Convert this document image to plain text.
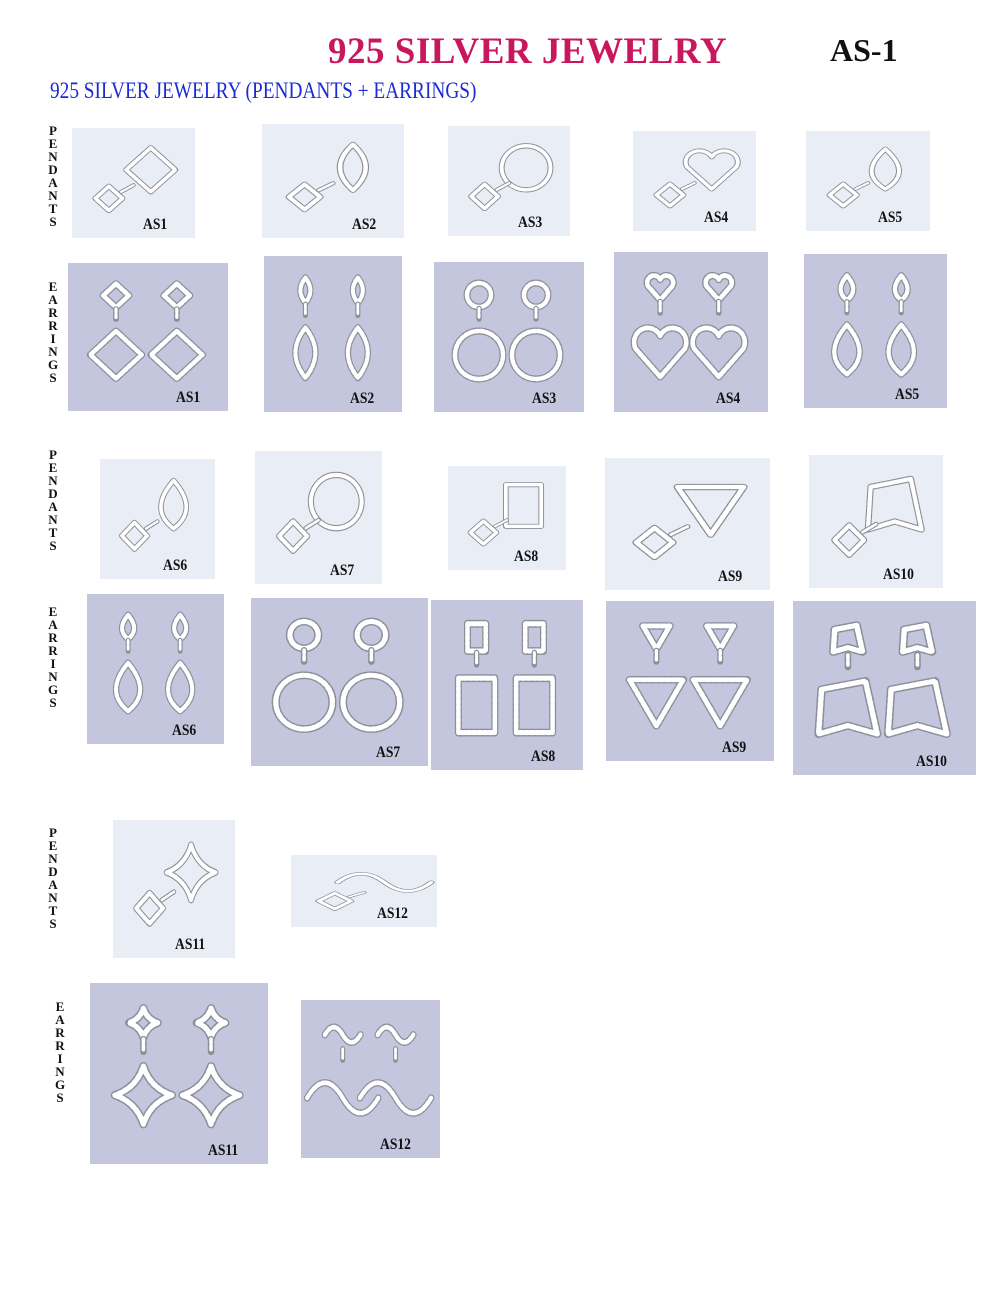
925 SILVER JEWELRY	AS-1
925 SILVER JEWELRY (PENDANTS + EARRINGS)
P
E
N
D
A
N
T
S
E
A
R
R
I
N
G
S
P
E
N
D
A
N
T
S
E
A
R
R
I
N
G
S
P
E
N
D
A
N
T
S
E
A
R
R
I
N
G
S
AS1	AS2	AS3	AS4	AS5
AS6	AS7
AS8
AS9	AS10
AS11
AS12
AS1	AS2	AS3	AS4	AS5
AS6
AS7	AS8
AS9
AS10
AS11	AS12
